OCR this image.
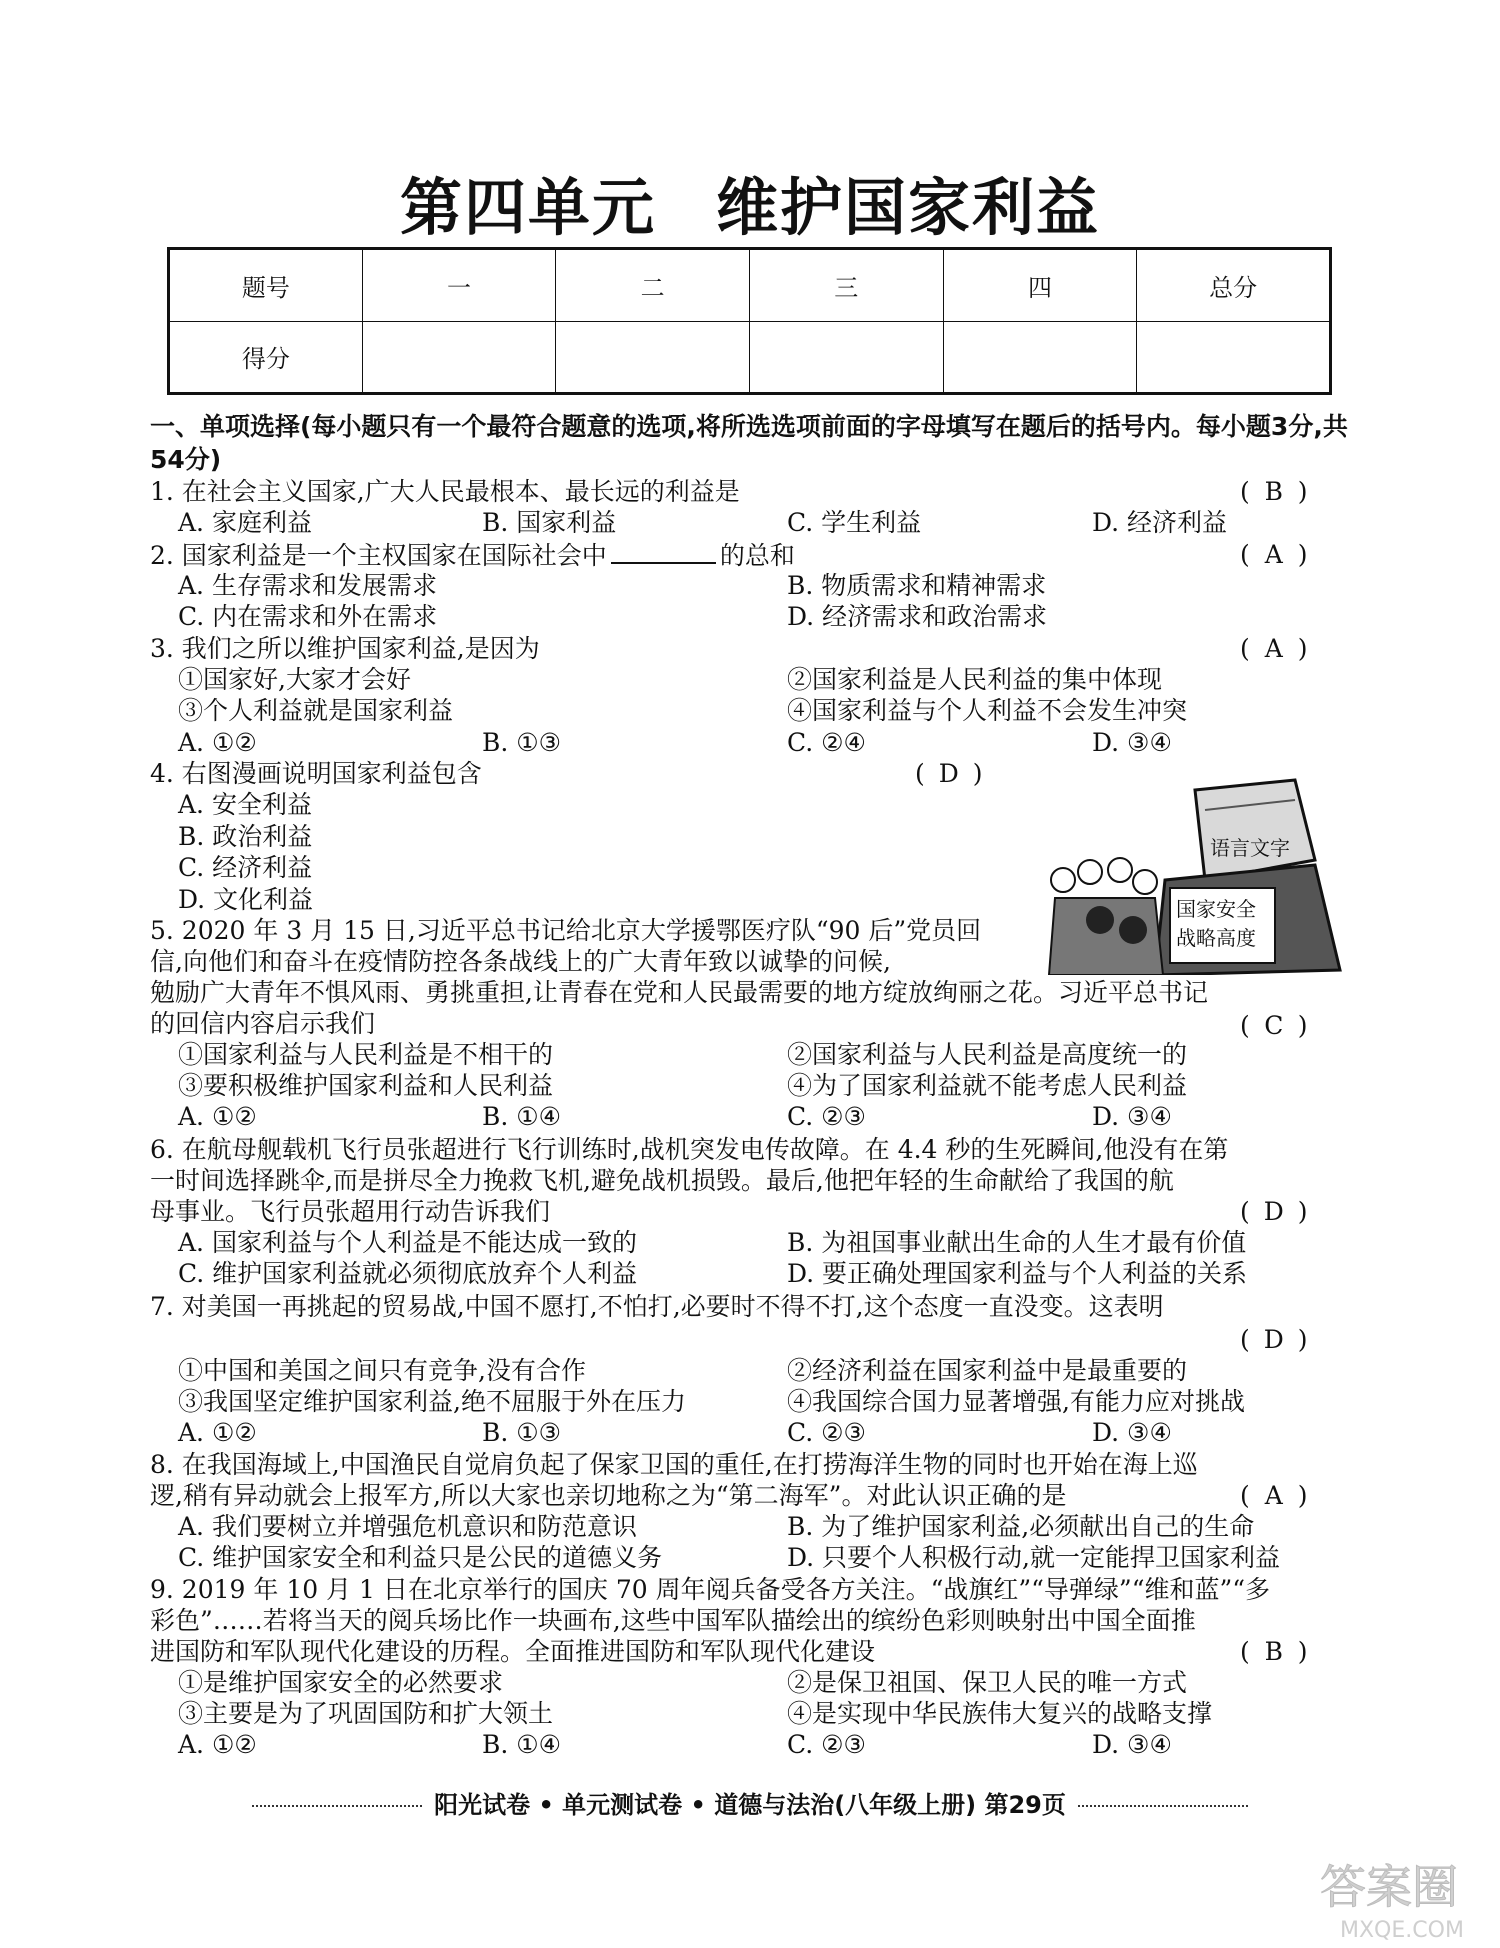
第四单元 维护国家利益
题号	一	二	三	四	总分
得分					
一、单项选择(每小题只有一个最符合题意的选项,将所选选项前面的字母填写在题后的括号内。每小题3分,共54分)
1. 在社会主义国家,广大人民最根本、最长远的利益是	( B )
A. 家庭利益	B. 国家利益	C. 学生利益	D. 经济利益
2. 国家利益是一个主权国家在国际社会中	的总和	( A )
A. 生存需求和发展需求	B. 物质需求和精神需求
C. 内在需求和外在需求	D. 经济需求和政治需求
3. 我们之所以维护国家利益,是因为	( A )
①国家好,大家才会好	②国家利益是人民利益的集中体现
③个人利益就是国家利益	④国家利益与个人利益不会发生冲突
A. ①②	B. ①③	C. ②④	D. ③④
4. 右图漫画说明国家利益包含	( D )
A. 安全利益
B. 政治利益
C. 经济利益
D. 文化利益
语言文字
国家安全
战略高度
5. 2020 年 3 月 15 日,习近平总书记给北京大学援鄂医疗队“90 后”党员回
信,向他们和奋斗在疫情防控各条战线上的广大青年致以诚挚的问候,
勉励广大青年不惧风雨、勇挑重担,让青春在党和人民最需要的地方绽放绚丽之花。习近平总书记
的回信内容启示我们	( C )
①国家利益与人民利益是不相干的	②国家利益与人民利益是高度统一的
③要积极维护国家利益和人民利益	④为了国家利益就不能考虑人民利益
A. ①②	B. ①④	C. ②③	D. ③④
6. 在航母舰载机飞行员张超进行飞行训练时,战机突发电传故障。在 4.4 秒的生死瞬间,他没有在第
一时间选择跳伞,而是拼尽全力挽救飞机,避免战机损毁。最后,他把年轻的生命献给了我国的航
母事业。飞行员张超用行动告诉我们	( D )
A. 国家利益与个人利益是不能达成一致的	B. 为祖国事业献出生命的人生才最有价值
C. 维护国家利益就必须彻底放弃个人利益	D. 要正确处理国家利益与个人利益的关系
7. 对美国一再挑起的贸易战,中国不愿打,不怕打,必要时不得不打,这个态度一直没变。这表明
( D )
①中国和美国之间只有竞争,没有合作	②经济利益在国家利益中是最重要的
③我国坚定维护国家利益,绝不屈服于外在压力	④我国综合国力显著增强,有能力应对挑战
A. ①②	B. ①③	C. ②③	D. ③④
8. 在我国海域上,中国渔民自觉肩负起了保家卫国的重任,在打捞海洋生物的同时也开始在海上巡
逻,稍有异动就会上报军方,所以大家也亲切地称之为“第二海军”。对此认识正确的是	( A )
A. 我们要树立并增强危机意识和防范意识	B. 为了维护国家利益,必须献出自己的生命
C. 维护国家安全和利益只是公民的道德义务	D. 只要个人积极行动,就一定能捍卫国家利益
9. 2019 年 10 月 1 日在北京举行的国庆 70 周年阅兵备受各方关注。“战旗红”“导弹绿”“维和蓝”“多
彩色”……若将当天的阅兵场比作一块画布,这些中国军队描绘出的缤纷色彩则映射出中国全面推
进国防和军队现代化建设的历程。全面推进国防和军队现代化建设	( B )
①是维护国家安全的必然要求	②是保卫祖国、保卫人民的唯一方式
③主要是为了巩固国防和扩大领土	④是实现中华民族伟大复兴的战略支撑
A. ①②	B. ①④	C. ②③	D. ③④
阳光试卷 • 单元测试卷 • 道德与法治(八年级上册) 第29页
答案圈
MXQE.COM
